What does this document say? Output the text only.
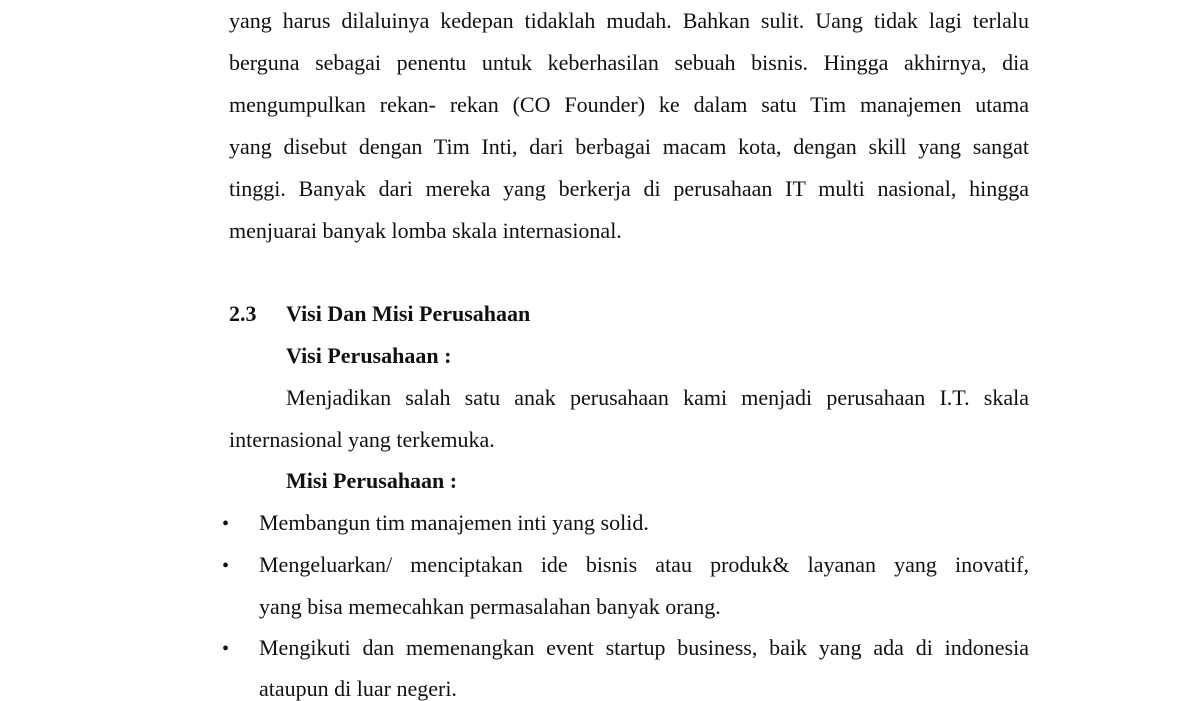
yang harus dilaluinya kedepan tidaklah mudah. Bahkan sulit. Uang tidak lagi terlalu
berguna sebagai penentu untuk keberhasilan sebuah bisnis. Hingga akhirnya, dia
mengumpulkan rekan- rekan (CO Founder) ke dalam satu Tim manajemen utama
yang disebut dengan Tim Inti, dari berbagai macam kota, dengan skill yang sangat
tinggi. Banyak dari mereka yang berkerja di perusahaan IT multi nasional, hingga
menjuarai banyak lomba skala internasional.
2.3 Visi Dan Misi Perusahaan
Visi Perusahaan :
Menjadikan salah satu anak perusahaan kami menjadi perusahaan I.T. skala
internasional yang terkemuka.
Misi Perusahaan :
• Membangun tim manajemen inti yang solid.
• Mengeluarkan/ menciptakan ide bisnis atau produk& layanan yang inovatif,
yang bisa memecahkan permasalahan banyak orang.
• Mengikuti dan memenangkan event startup business, baik yang ada di indonesia
ataupun di luar negeri.
